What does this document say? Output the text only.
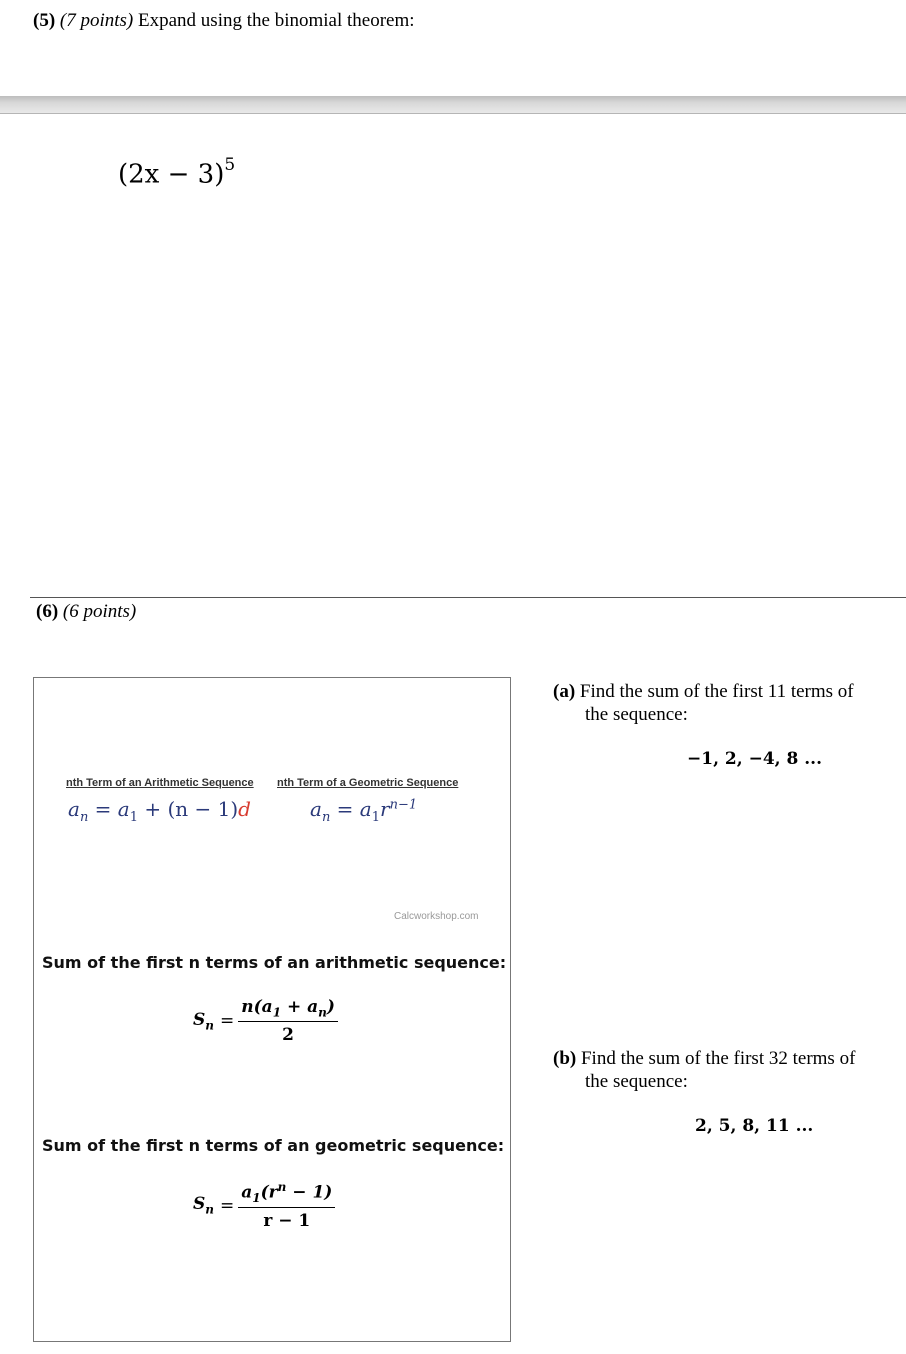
(5) (7 points) Expand using the binomial theorem:
$(2x - 3)^5$
(6) (6 points)
nth Term of an Arithmetic Sequence nth Term of a Geometric Sequence
$a_n = a_1 + (n - 1)d$	$a_n = a_1r^{n-1}$
Calcworkshop.com
Sum of the first n terms of an arithmetic sequence:
$S_n = \frac{n(a_1 + a_n)}{2}$
Sum of the first n terms of an geometric sequence:
$S_n = \frac{a_1(r^n - 1)}{r - 1}$
(a) Find the sum of the first 11 terms of
the sequence:
−1, 2, −4, 8 ...
(b) Find the sum of the first 32 terms of
the sequence:
2, 5, 8, 11 ...
